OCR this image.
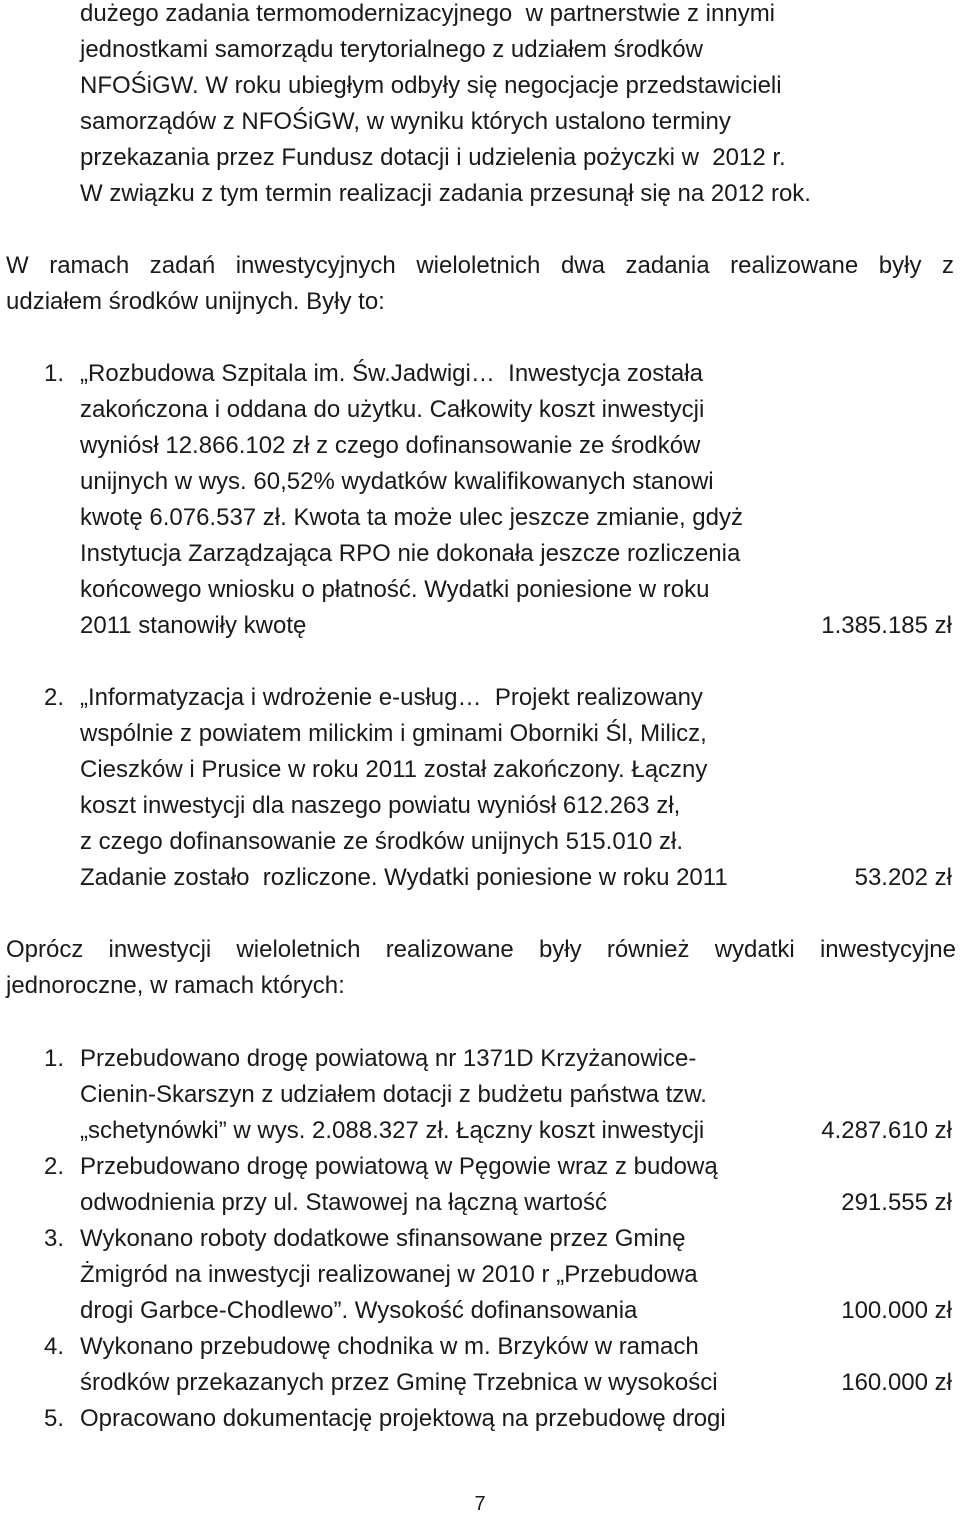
dużego zadania termomodernizacyjnego  w partnerstwie z innymi
jednostkami samorządu terytorialnego z udziałem środków
NFOŚiGW. W roku ubiegłym odbyły się negocjacje przedstawicieli
samorządów z NFOŚiGW, w wyniku których ustalono terminy
przekazania przez Fundusz dotacji i udzielenia pożyczki w  2012 r.
W związku z tym termin realizacji zadania przesunął się na 2012 rok.
W ramach zadań inwestycyjnych wieloletnich dwa zadania realizowane były z
udziałem środków unijnych. Były to:
1. „Rozbudowa Szpitala im. Św.Jadwigi…  Inwestycja została
zakończona i oddana do użytku. Całkowity koszt inwestycji
wyniósł 12.866.102 zł z czego dofinansowanie ze środków
unijnych w wys. 60,52% wydatków kwalifikowanych stanowi
kwotę 6.076.537 zł. Kwota ta może ulec jeszcze zmianie, gdyż
Instytucja Zarządzająca RPO nie dokonała jeszcze rozliczenia
końcowego wniosku o płatność. Wydatki poniesione w roku
2011 stanowiły kwotę	1.385.185 zł
2. „Informatyzacja i wdrożenie e-usług…  Projekt realizowany
wspólnie z powiatem milickim i gminami Oborniki Śl, Milicz,
Cieszków i Prusice w roku 2011 został zakończony. Łączny
koszt inwestycji dla naszego powiatu wyniósł 612.263 zł,
z czego dofinansowanie ze środków unijnych 515.010 zł.
Zadanie zostało  rozliczone. Wydatki poniesione w roku 2011	53.202 zł
Oprócz inwestycji wieloletnich realizowane były również wydatki inwestycyjne
jednoroczne, w ramach których:
1. Przebudowano drogę powiatową nr 1371D Krzyżanowice-
Cienin-Skarszyn z udziałem dotacji z budżetu państwa tzw.
„schetynówki” w wys. 2.088.327 zł. Łączny koszt inwestycji	4.287.610 zł
2. Przebudowano drogę powiatową w Pęgowie wraz z budową
odwodnienia przy ul. Stawowej na łączną wartość	291.555 zł
3. Wykonano roboty dodatkowe sfinansowane przez Gminę
Żmigród na inwestycji realizowanej w 2010 r „Przebudowa
drogi Garbce-Chodlewo”. Wysokość dofinansowania	100.000 zł
4. Wykonano przebudowę chodnika w m. Brzyków w ramach
środków przekazanych przez Gminę Trzebnica w wysokości	160.000 zł
5. Opracowano dokumentację projektową na przebudowę drogi
7
